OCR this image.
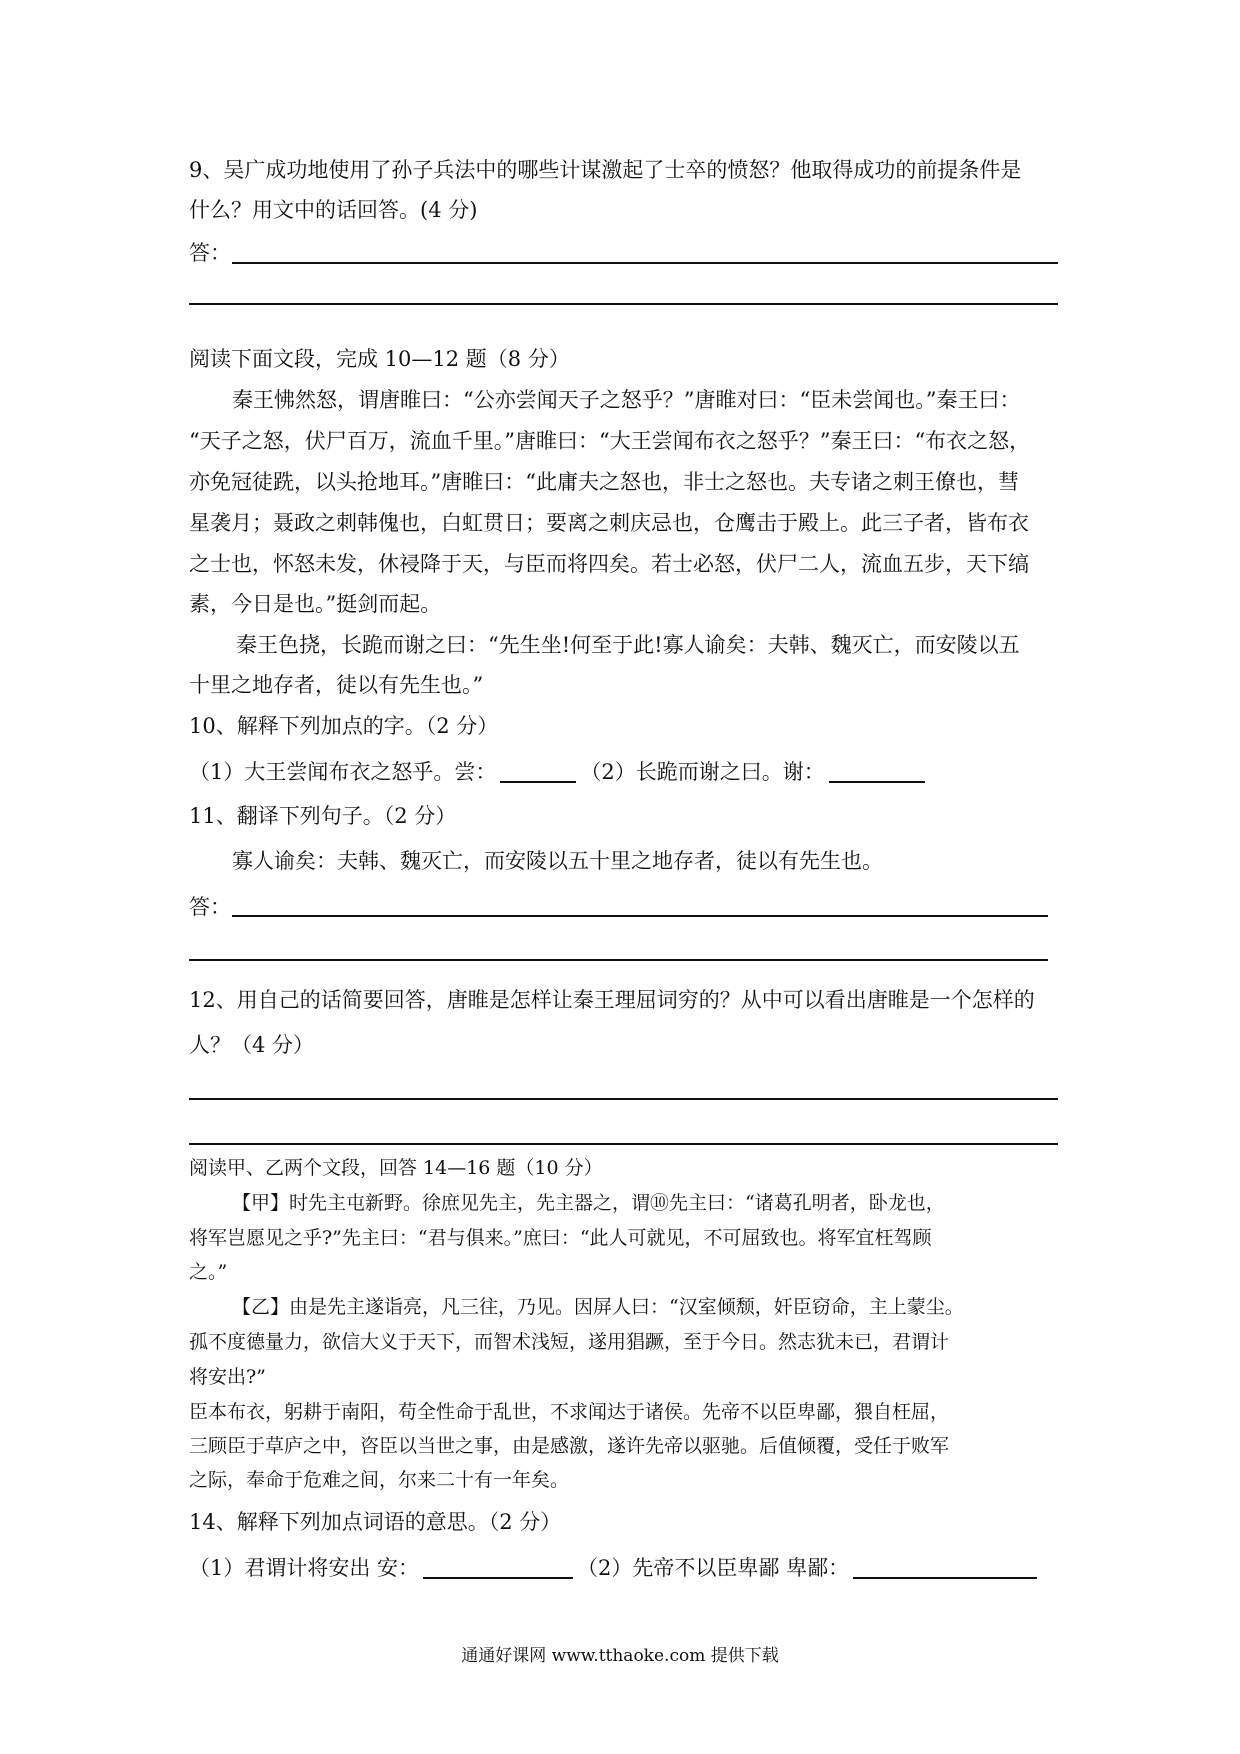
9、吴广成功地使用了孙子兵法中的哪些计谋激起了士卒的愤怒？他取得成功的前提条件是
什么？用文中的话回答。(4 分)
答：
阅读下面文段，完成 10—12 题（8 分）
秦王怫然怒，谓唐睢曰：“公亦尝闻天子之怒乎？”唐睢对曰：“臣未尝闻也。”秦王曰：
“天子之怒，伏尸百万，流血千里。”唐睢曰：“大王尝闻布衣之怒乎？”秦王曰：“布衣之怒，
亦免冠徒跣，以头抢地耳。”唐睢曰：“此庸夫之怒也，非士之怒也。夫专诸之刺王僚也，彗
星袭月；聂政之刺韩傀也，白虹贯日；要离之刺庆忌也，仓鹰击于殿上。此三子者，皆布衣
之士也，怀怒未发，休祲降于天，与臣而将四矣。若士必怒，伏尸二人，流血五步，天下缟
素，今日是也。”挺剑而起。
秦王色挠，长跪而谢之曰：“先生坐!何至于此!寡人谕矣：夫韩、魏灭亡，而安陵以五
十里之地存者，徒以有先生也。”
10、解释下列加点的字。（2 分）
（1）大王尝闻布衣之怒乎。尝：	（2）长跪而谢之曰。谢：
11、翻译下列句子。（2 分）
寡人谕矣：夫韩、魏灭亡，而安陵以五十里之地存者，徒以有先生也。
答：
12、用自己的话简要回答，唐睢是怎样让秦王理屈词穷的？从中可以看出唐睢是一个怎样的
人？（4 分）
阅读甲、乙两个文段，回答 14—16 题（10 分）
【甲】时先主屯新野。徐庶见先主，先主器之，谓⑩先主曰：“诸葛孔明者，卧龙也，
将军岂愿见之乎?”先主曰：“君与俱来。”庶曰：“此人可就见，不可屈致也。将军宜枉驾顾
之。”
【乙】由是先主遂诣亮，凡三往，乃见。因屏人曰：“汉室倾颓，奸臣窃命，主上蒙尘。
孤不度德量力，欲信大义于天下，而智术浅短，遂用猖蹶，至于今日。然志犹未已，君谓计
将安出?”
臣本布衣，躬耕于南阳，苟全性命于乱世，不求闻达于诸侯。先帝不以臣卑鄙，猥自枉屈，
三顾臣于草庐之中，咨臣以当世之事，由是感激，遂许先帝以驱驰。后值倾覆，受任于败军
之际，奉命于危难之间，尔来二十有一年矣。
14、解释下列加点词语的意思。（2 分）
（1）君谓计将安出 安：	（2）先帝不以臣卑鄙 卑鄙：
通通好课网 www.tthaoke.com 提供下载
